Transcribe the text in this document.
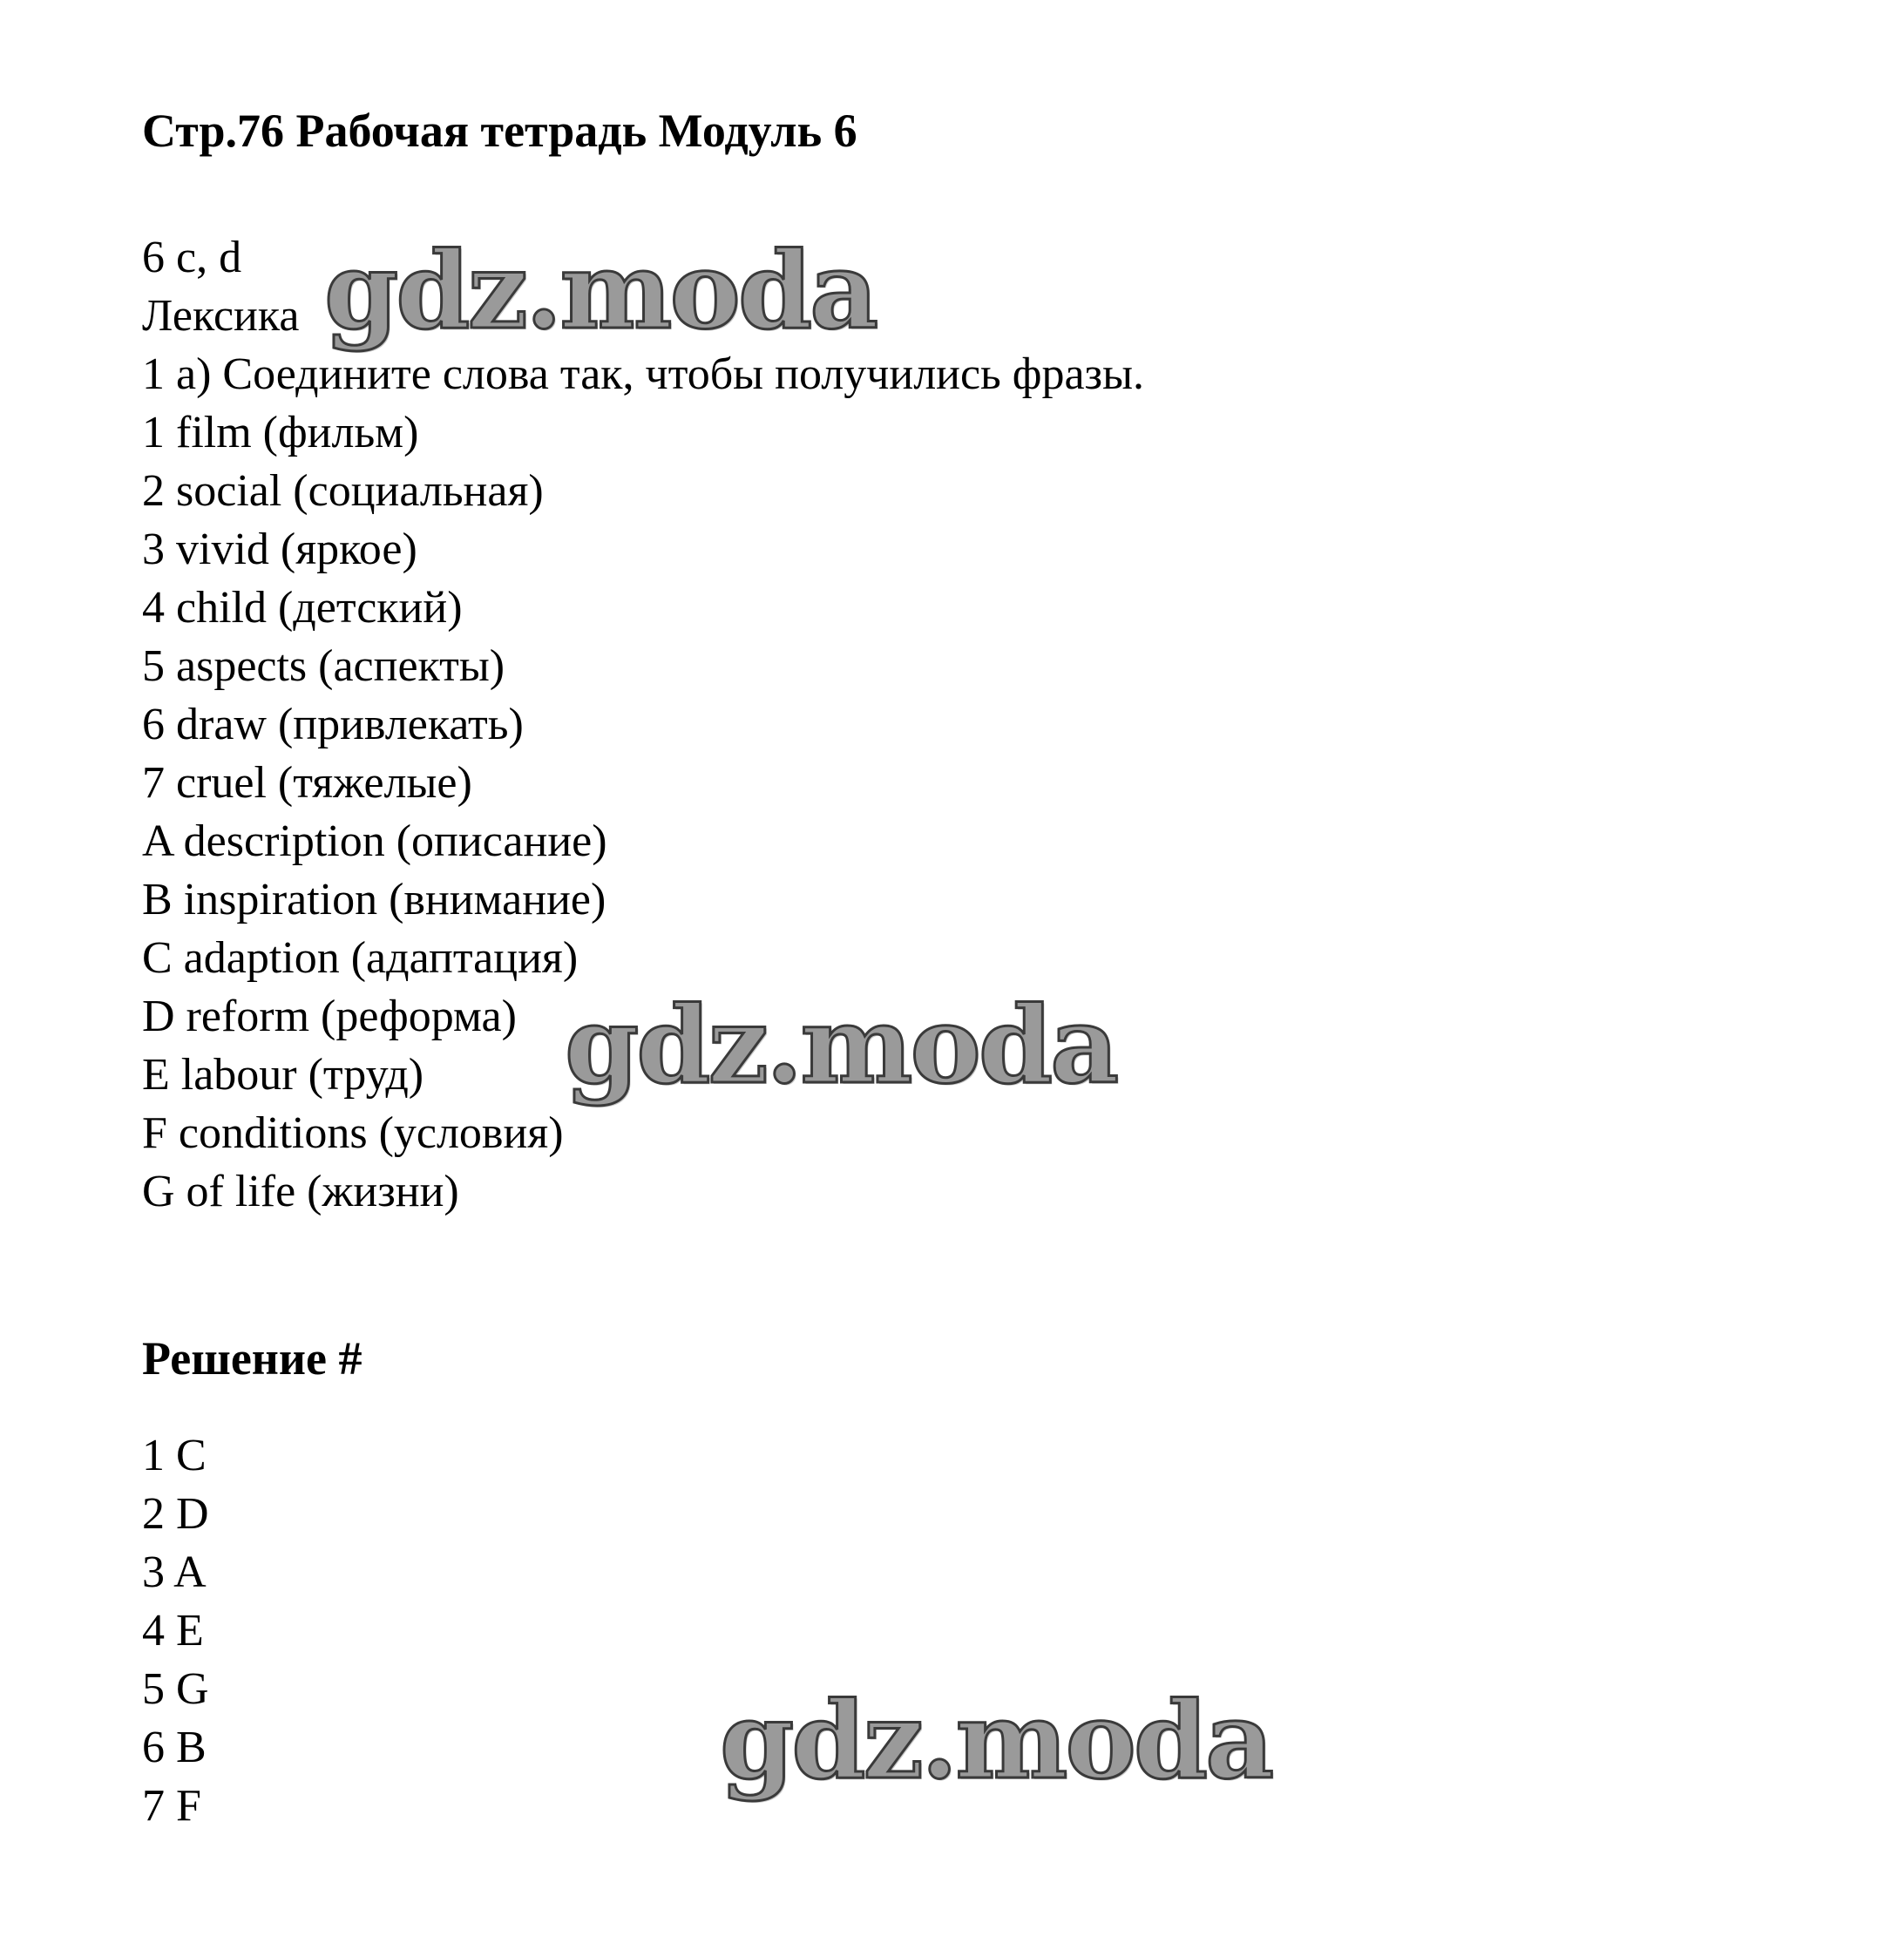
Стр.76 Рабочая тетрадь Модуль 6
6 c, d
Лексика
1 a) Соедините слова так, чтобы получились фразы.
1 film (фильм)
2 social (социальная)
3 vivid (яркое)
4 child (детский)
5 aspects (аспекты)
6 draw (привлекать)
7 cruel (тяжелые)
A description (описание)
B inspiration (внимание)
C adaption (адаптация)
D reform (реформа)
E labour (труд)
F conditions (условия)
G of life (жизни)
Решение #
1 C
2 D
3 A
4 E
5 G
6 B
7 F
gdz.moda
gdz.moda
gdz.moda
